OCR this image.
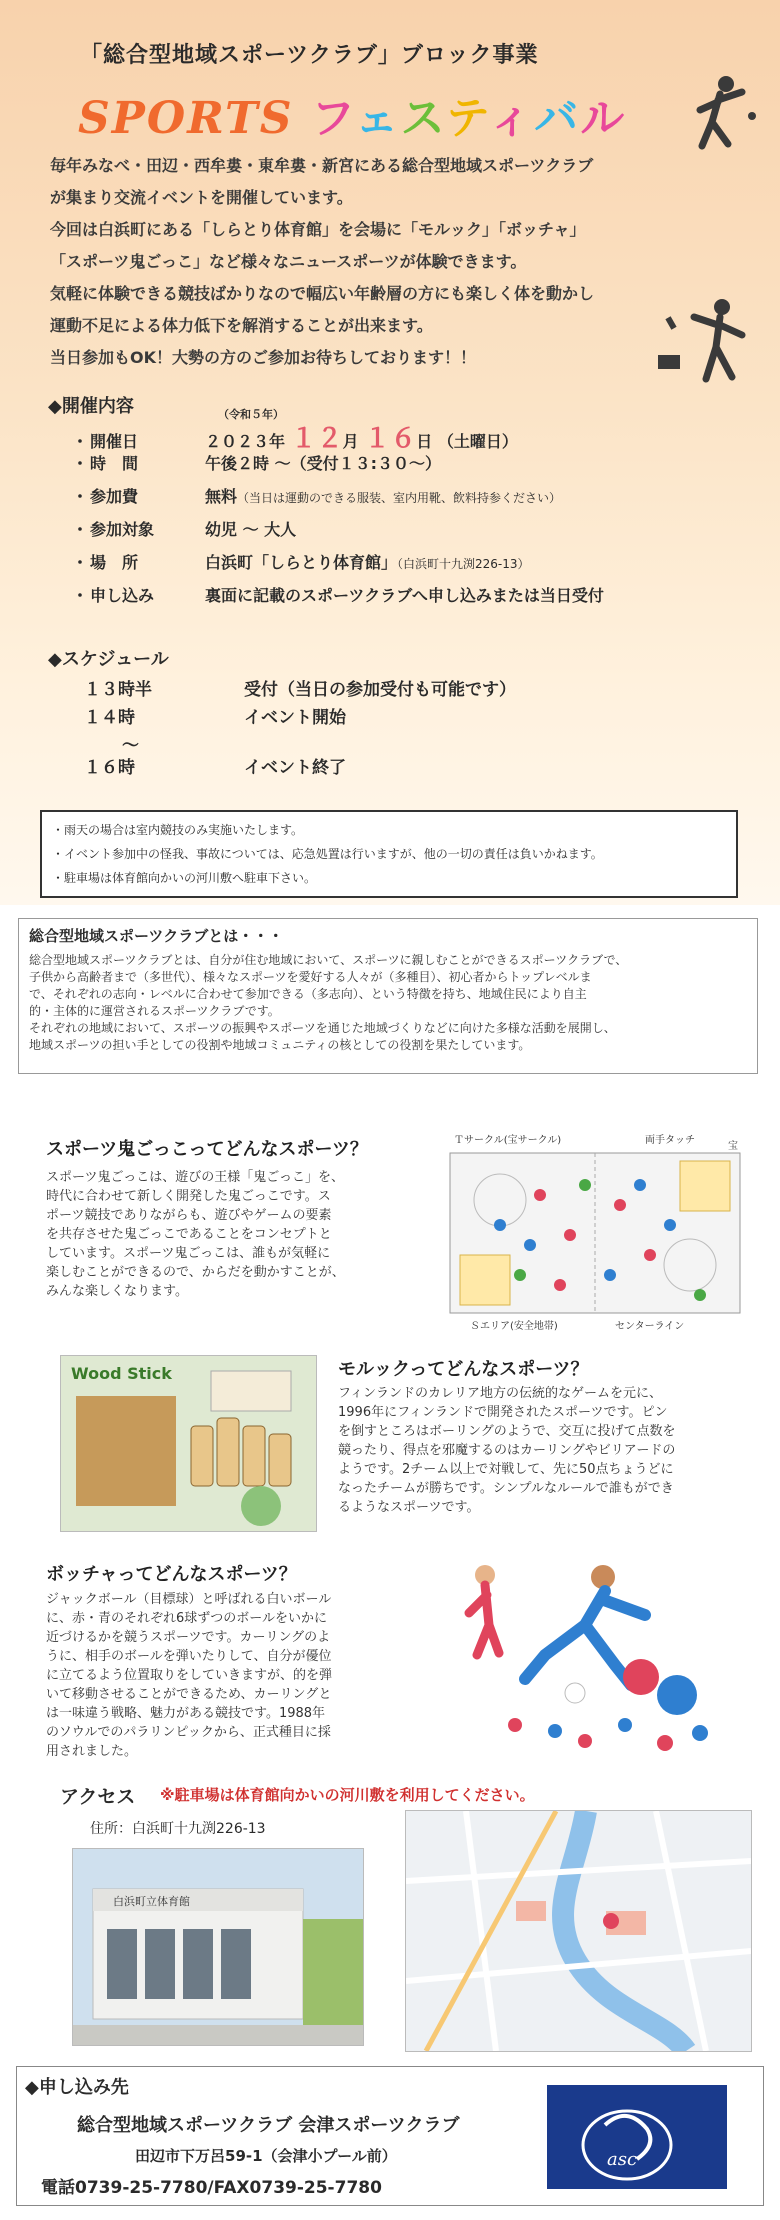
「総合型地域スポーツクラブ」ブロック事業
SPORTS フェスティバル

毎年みなべ・田辺・西牟婁・東牟婁・新宮にある総合型地域スポーツクラブ

が集まり交流イベントを開催しています。

今回は白浜町にある「しらとり体育館」を会場に「モルック」「ボッチャ」

「スポーツ鬼ごっこ」など様々なニュースポーツが体験できます。

気軽に体験できる競技ばかりなので幅広い年齢層の方にも楽しく体を動かし

運動不足による体力低下を解消することが出来ます。

当日参加もOK！大勢の方のご参加お待ちしております！！

◆開催内容	（令和５年）
・ 開催日	２０２３年 １２月 １６日 （土曜日）
・ 時　間	午後２時 ～（受付１３:３０～）
・ 参加費	無料（当日は運動のできる服装、室内用靴、飲料持参ください）
・ 参加対象	幼児 ～ 大人
・ 場　所	白浜町「しらとり体育館」（白浜町十九渕226-13）
・ 申し込み	裏面に記載のスポーツクラブへ申し込みまたは当日受付
◆スケジュール
１３時半	受付（当日の参加受付も可能です）
１４時	イベント開始
～
１６時	イベント終了

・雨天の場合は室内競技のみ実施いたします。

・イベント参加中の怪我、事故については、応急処置は行いますが、他の一切の責任は負いかねます。

・駐車場は体育館向かいの河川敷へ駐車下さい。

総合型地域スポーツクラブとは・・・

総合型地域スポーツクラブとは、自分が住む地域において、スポーツに親しむことができるスポーツクラブで、

子供から高齢者まで（多世代）、様々なスポーツを愛好する人々が（多種目）、初心者からトップレベルま

で、それぞれの志向・レベルに合わせて参加できる（多志向）、という特徴を持ち、地域住民により自主

的・主体的に運営されるスポーツクラブです。

それぞれの地域において、スポーツの振興やスポーツを通じた地域づくりなどに向けた多様な活動を展開し、

地域スポーツの担い手としての役割や地域コミュニティの核としての役割を果たしています。

スポーツ鬼ごっこってどんなスポーツ？

スポーツ鬼ごっこは、遊びの王様「鬼ごっこ」を、

時代に合わせて新しく開発した鬼ごっこです。ス

ポーツ競技でありながらも、遊びやゲームの要素

を共存させた鬼ごっこであることをコンセプトと

しています。スポーツ鬼ごっこは、誰もが気軽に

楽しむことができるので、からだを動かすことが、

みんな楽しくなります。

Ｔサークル(宝サークル)	両手タッチ
宝
Ｓエリア(安全地帯)	センターライン
Wood Stick	モルックってどんなスポーツ？

フィンランドのカレリア地方の伝統的なゲームを元に、

1996年にフィンランドで開発されたスポーツです。ピン

を倒すところはボーリングのようで、交互に投げて点数を

競ったり、得点を邪魔するのはカーリングやビリアードの

ようです。2チーム以上で対戦して、先に50点ちょうどに

なったチームが勝ちです。シンプルなルールで誰もができ

るようなスポーツです。

ボッチャってどんなスポーツ？

ジャックボール（目標球）と呼ばれる白いボール

に、赤・青のそれぞれ6球ずつのボールをいかに

近づけるかを競うスポーツです。カーリングのよ

うに、相手のボールを弾いたりして、自分が優位

に立てるよう位置取りをしていきますが、的を弾

いて移動させることができるため、カーリングと

は一味違う戦略、魅力がある競技です。1988年

のソウルでのパラリンピックから、正式種目に採

用されました。

アクセス ※駐車場は体育館向かいの河川敷を利用してください。
住所：白浜町十九渕226-13
白浜町立体育館
◆申し込み先
総合型地域スポーツクラブ 会津スポーツクラブ
田辺市下万呂59-1（会津小プール前）
電話0739-25-7780/FAX0739-25-7780
asc
